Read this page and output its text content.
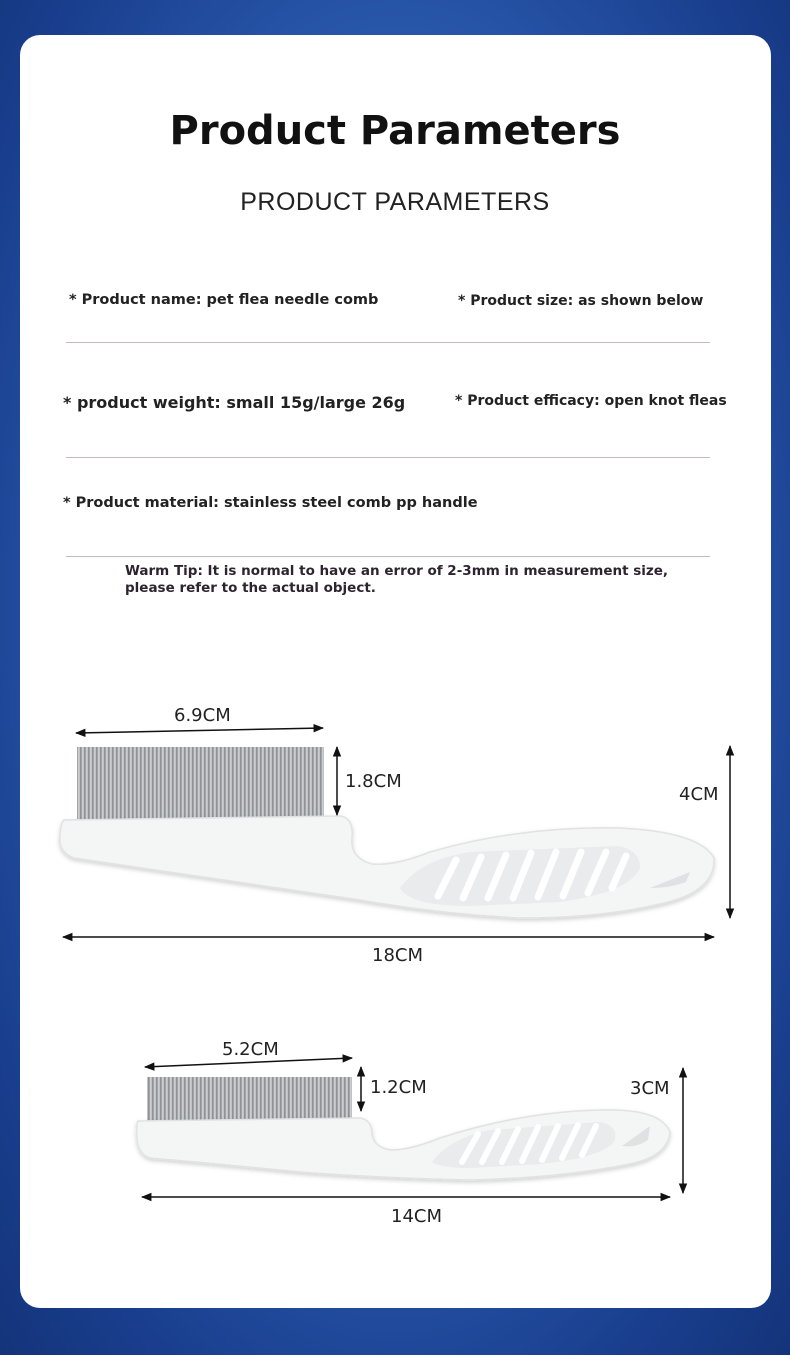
Product Parameters
PRODUCT PARAMETERS
* Product name: pet flea needle comb	* Product size: as shown below
* product weight: small 15g/large 26g	* Product efficacy: open knot fleas
* Product material: stainless steel comb pp handle
Warm Tip: It is normal to have an error of 2-3mm in measurement size, please refer to the actual object.
6.9CM
1.8CM
4CM
18CM
5.2CM
1.2CM	3CM
14CM
